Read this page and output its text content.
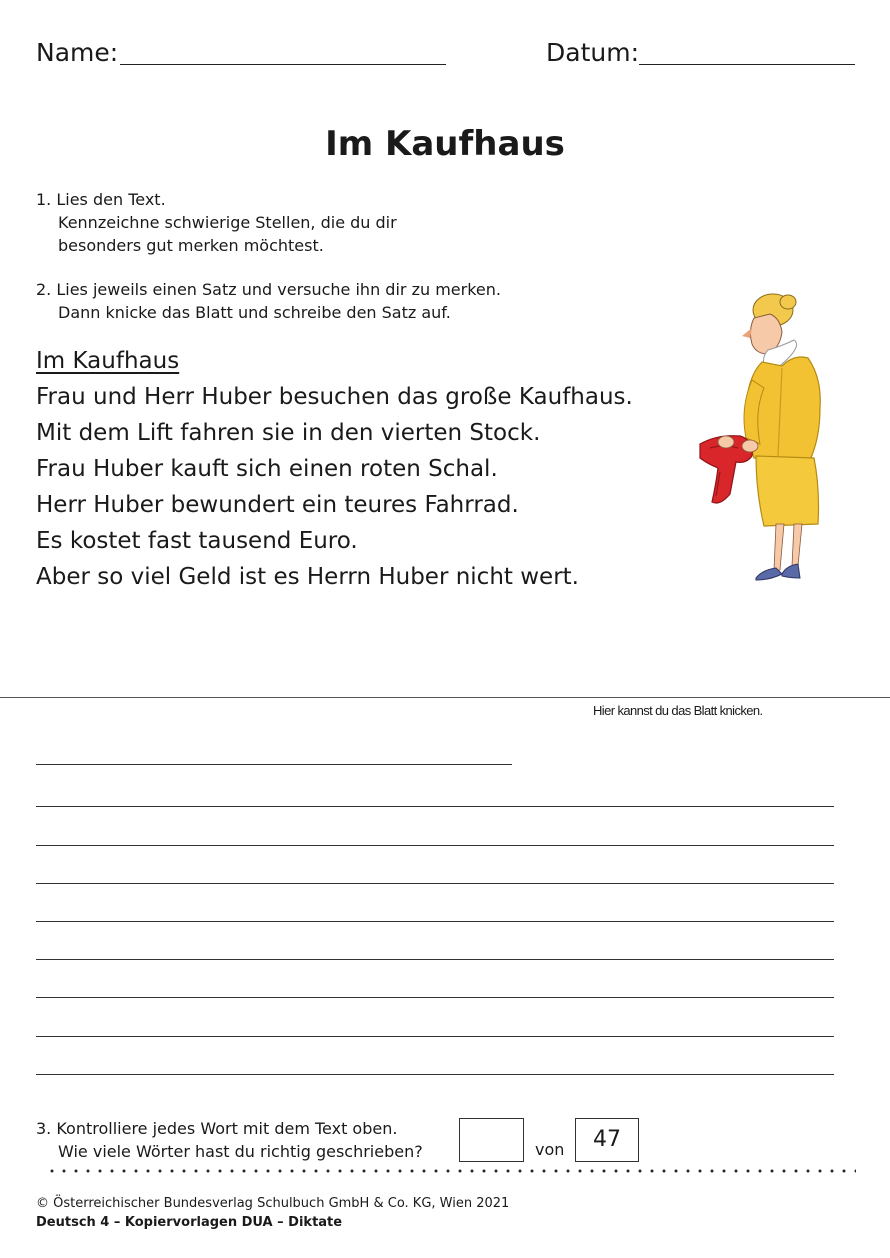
Name:	Datum:
Im Kaufhaus
1. Lies den Text.
Kennzeichne schwierige Stellen, die du dir
besonders gut merken möchtest.
2. Lies jeweils einen Satz und versuche ihn dir zu merken.
Dann knicke das Blatt und schreibe den Satz auf.
Im Kaufhaus
Frau und Herr Huber besuchen das große Kaufhaus.
Mit dem Lift fahren sie in den vierten Stock.
Frau Huber kauft sich einen roten Schal.
Herr Huber bewundert ein teures Fahrrad.
Es kostet fast tausend Euro.
Aber so viel Geld ist es Herrn Huber nicht wert.
Hier kannst du das Blatt knicken.
3. Kontrolliere jedes Wort mit dem Text oben.
Wie viele Wörter hast du richtig geschrieben?	von	47
© Österreichischer Bundesverlag Schulbuch GmbH & Co. KG, Wien 2021
Deutsch 4 – Kopiervorlagen DUA – Diktate
